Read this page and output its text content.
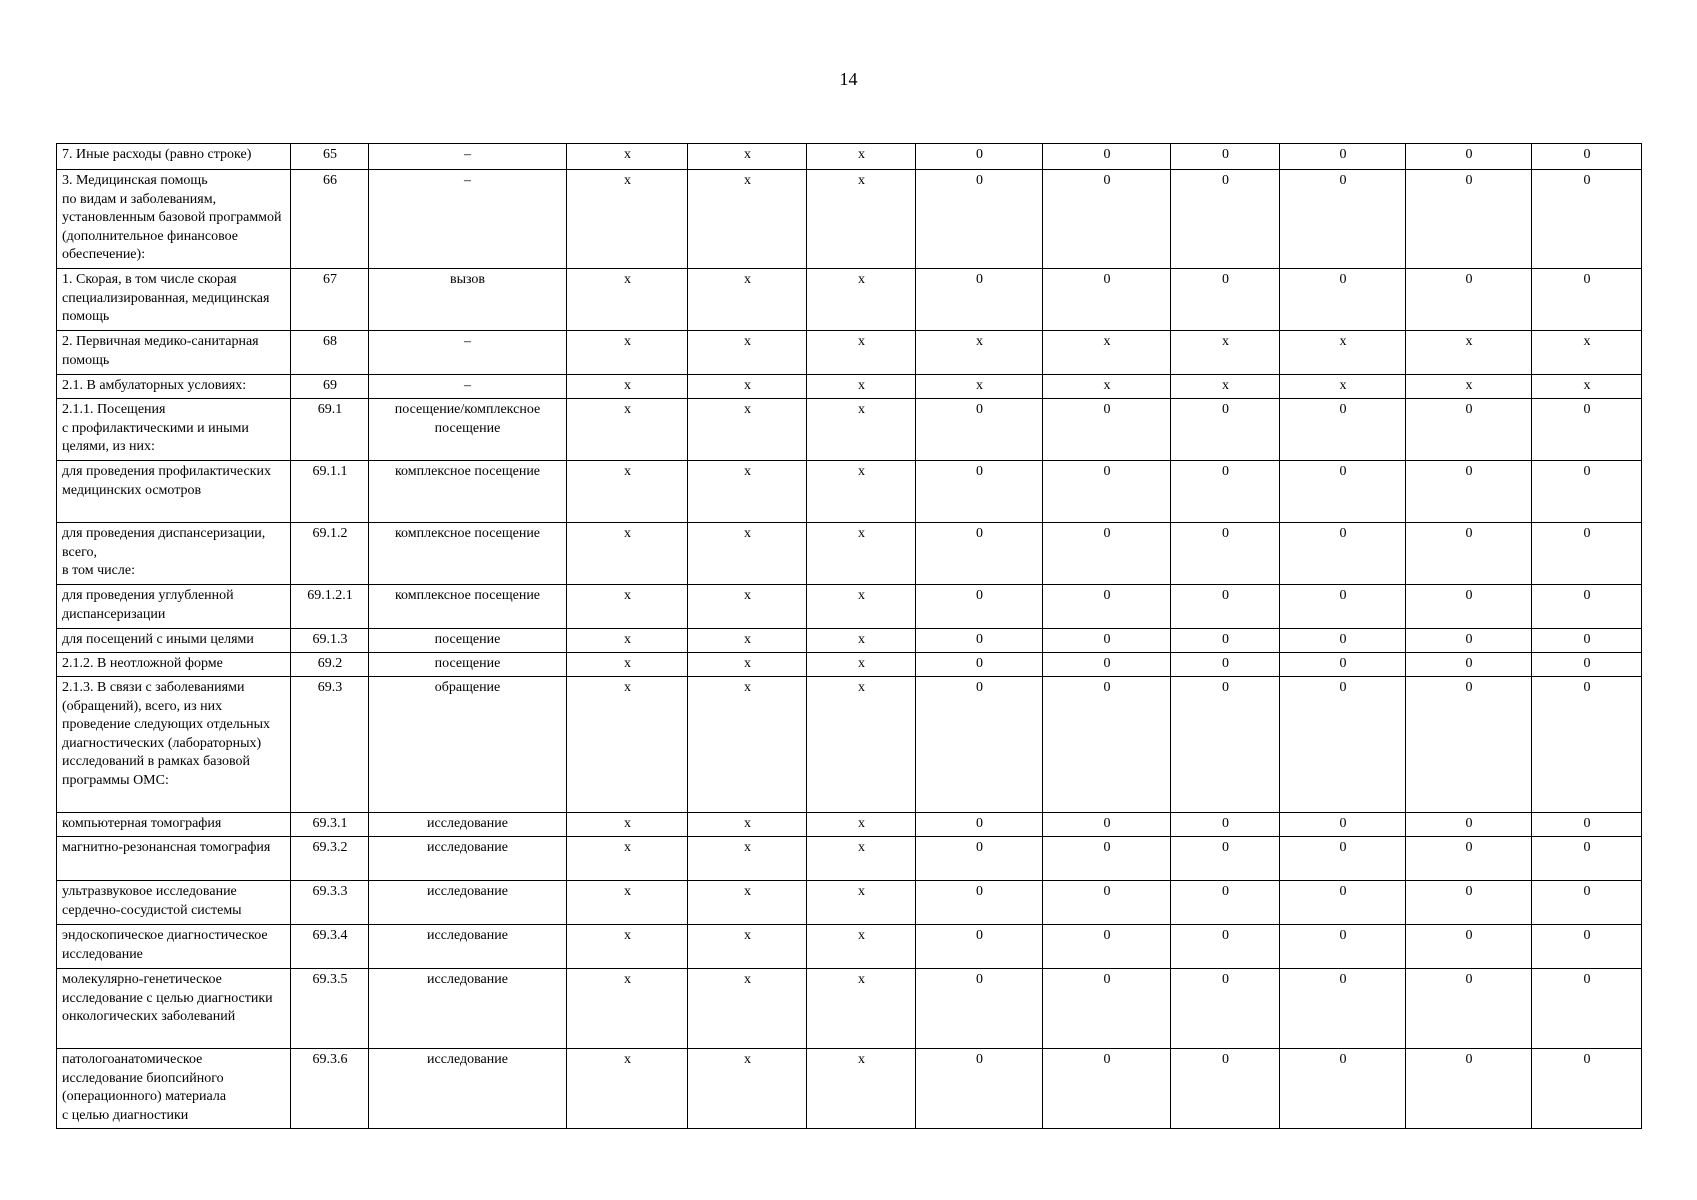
14
7. Иные расходы (равно строке)	65	–	х	х	х	0	0	0	0	0	0
3. Медицинская помощь
по видам и заболеваниям, установленным базовой программой (дополнительное финансовое обеспечение):	66	–	х	х	х	0	0	0	0	0	0
1. Скорая, в том числе скорая специализированная, медицинская помощь	67	вызов	х	х	х	0	0	0	0	0	0
2. Первичная медико-санитарная помощь	68	–	х	х	х	х	х	х	х	х	х
2.1. В амбулаторных условиях:	69	–	х	х	х	х	х	х	х	х	х
2.1.1. Посещения
с профилактическими и иными целями, из них:	69.1	посещение/комплексное посещение	х	х	х	0	0	0	0	0	0
для проведения профилактических медицинских осмотров	69.1.1	комплексное посещение	х	х	х	0	0	0	0	0	0
для проведения диспансеризации, всего,
в том числе:	69.1.2	комплексное посещение	х	х	х	0	0	0	0	0	0
для проведения углубленной диспансеризации	69.1.2.1	комплексное посещение	х	х	х	0	0	0	0	0	0
для посещений с иными целями	69.1.3	посещение	х	х	х	0	0	0	0	0	0
2.1.2. В неотложной форме	69.2	посещение	х	х	х	0	0	0	0	0	0
2.1.3. В связи с заболеваниями (обращений), всего, из них проведение следующих отдельных диагностических (лабораторных) исследований в рамках базовой программы ОМС:	69.3	обращение	х	х	х	0	0	0	0	0	0
компьютерная томография	69.3.1	исследование	х	х	х	0	0	0	0	0	0
магнитно-резонансная томография	69.3.2	исследование	х	х	х	0	0	0	0	0	0
ультразвуковое исследование сердечно-сосудистой системы	69.3.3	исследование	х	х	х	0	0	0	0	0	0
эндоскопическое диагностическое исследование	69.3.4	исследование	х	х	х	0	0	0	0	0	0
молекулярно-генетическое исследование с целью диагностики онкологических заболеваний	69.3.5	исследование	х	х	х	0	0	0	0	0	0
патологоанатомическое исследование биопсийного (операционного) материала
с целью диагностики	69.3.6	исследование	х	х	х	0	0	0	0	0	0
